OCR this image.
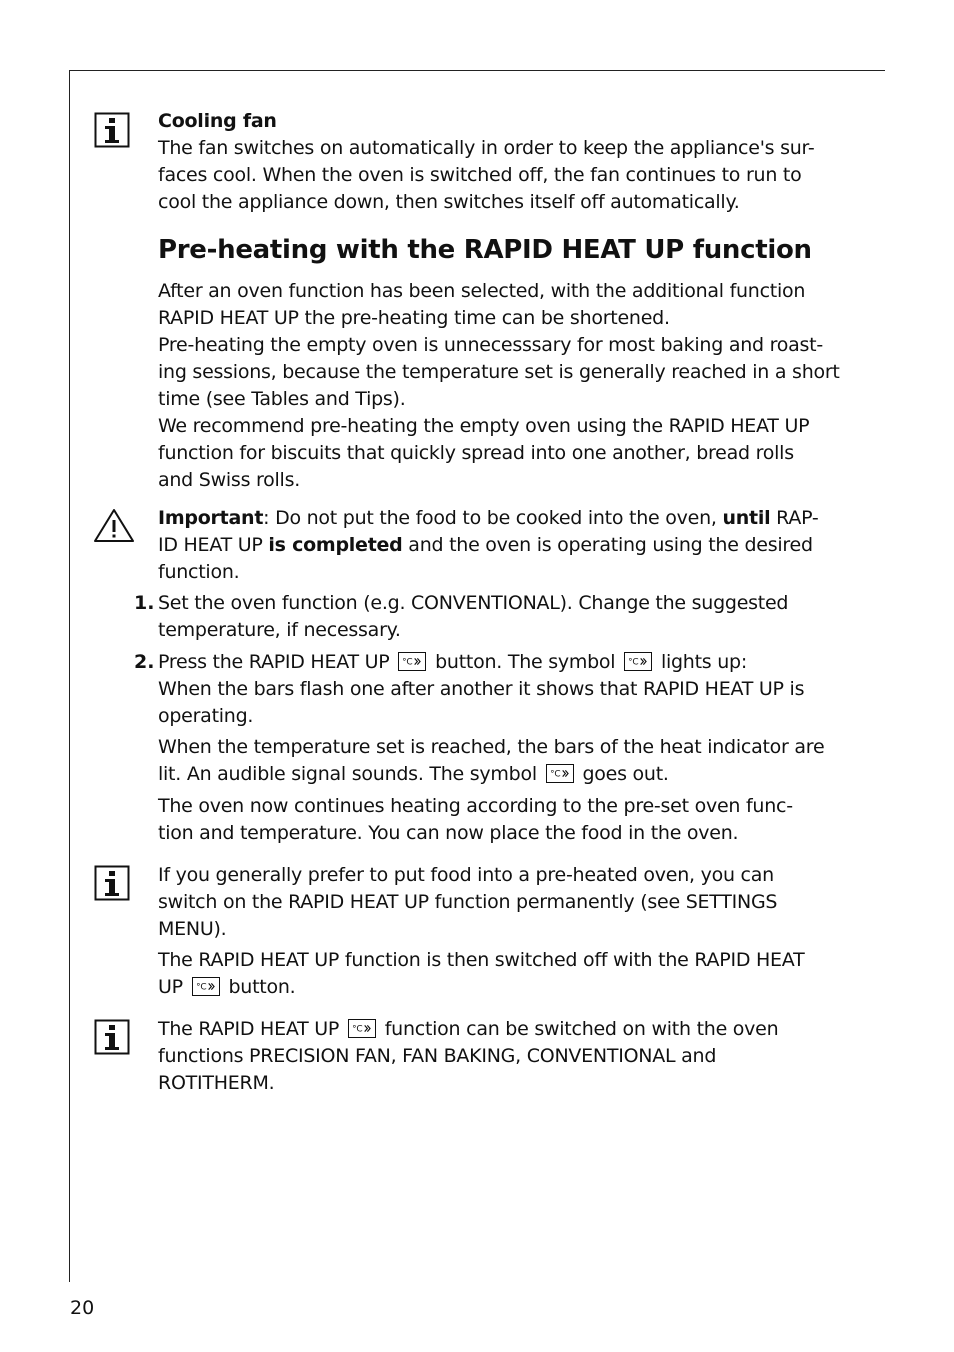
Cooling fan

The fan switches on automatically in order to keep the appliance's sur-

faces cool. When the oven is switched off, the fan continues to run to

cool the appliance down, then switches itself off automatically.

Pre-heating with the RAPID HEAT UP function

After an oven function has been selected, with the additional function

RAPID HEAT UP the pre-heating time can be shortened.

Pre-heating the empty oven is unnecesssary for most baking and roast-

ing sessions, because the temperature set is generally reached in a short

time (see Tables and Tips).

We recommend pre-heating the empty oven using the RAPID HEAT UP

function for biscuits that quickly spread into one another, bread rolls

and Swiss rolls.

Important: Do not put the food to be cooked into the oven, until RAP-

ID HEAT UP is completed and the oven is operating using the desired

function.

1. Set the oven function (e.g. CONVENTIONAL). Change the suggested

temperature, if necessary.

2. Press the RAPID HEAT UP °C button. The symbol °C lights up:

When the bars flash one after another it shows that RAPID HEAT UP is

operating.

When the temperature set is reached, the bars of the heat indicator are

lit. An audible signal sounds. The symbol °C goes out.

The oven now continues heating according to the pre-set oven func-

tion and temperature. You can now place the food in the oven.

If you generally prefer to put food into a pre-heated oven, you can

switch on the RAPID HEAT UP function permanently (see SETTINGS

MENU).

The RAPID HEAT UP function is then switched off with the RAPID HEAT

UP °C button.

The RAPID HEAT UP °C function can be switched on with the oven

functions PRECISION FAN, FAN BAKING, CONVENTIONAL and

ROTITHERM.

20
